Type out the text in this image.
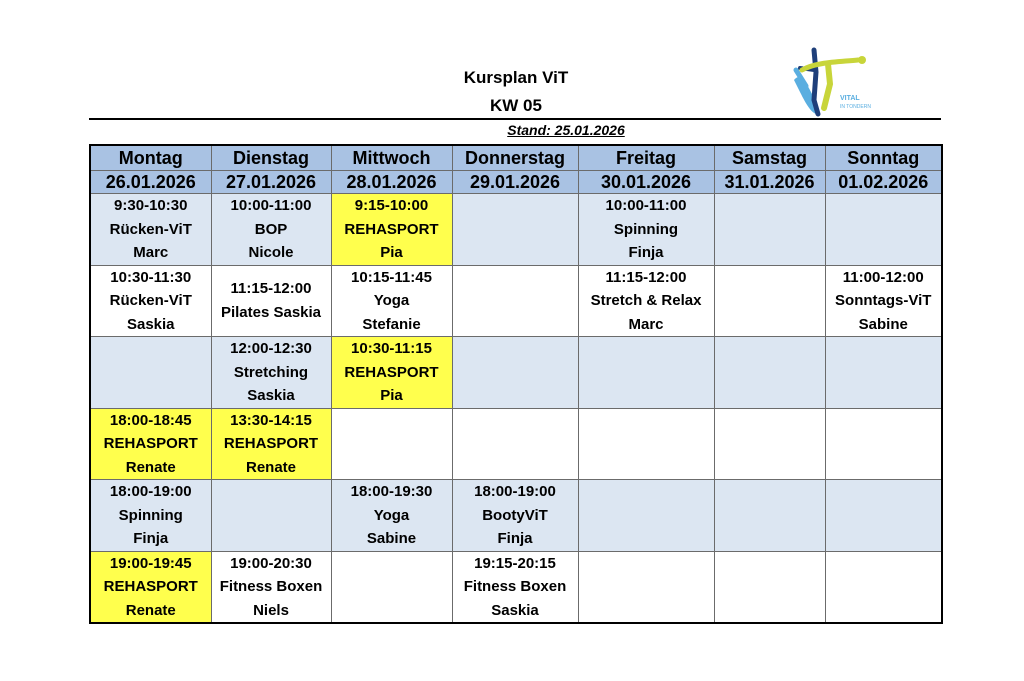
Kursplan ViT
KW 05
Stand: 25.01.2026
VITAL
IN TONDERN
Montag	Dienstag	Mittwoch	Donnerstag	Freitag	Samstag	Sonntag
26.01.2026	27.01.2026	28.01.2026	29.01.2026	30.01.2026	31.01.2026	01.02.2026

9:30-10:30
Rücken-ViT
Marc	10:00-11:00
BOP
Nicole	9:15-10:00
REHASPORT
Pia		10:00-11:00
Spinning
Finja		

10:30-11:30
Rücken-ViT
Saskia	11:15-12:00
Pilates Saskia	10:15-11:45
Yoga
Stefanie		11:15-12:00
Stretch & Relax
Marc		11:00-12:00
Sonntags-ViT
Sabine

	12:00-12:30
Stretching
Saskia	10:30-11:15
REHASPORT
Pia				

18:00-18:45
REHASPORT
Renate	13:30-14:15
REHASPORT
Renate					

18:00-19:00
Spinning
Finja		18:00-19:30
Yoga
Sabine	18:00-19:00
BootyViT
Finja			

19:00-19:45
REHASPORT
Renate	19:00-20:30
Fitness Boxen
Niels		19:15-20:15
Fitness Boxen
Saskia			
